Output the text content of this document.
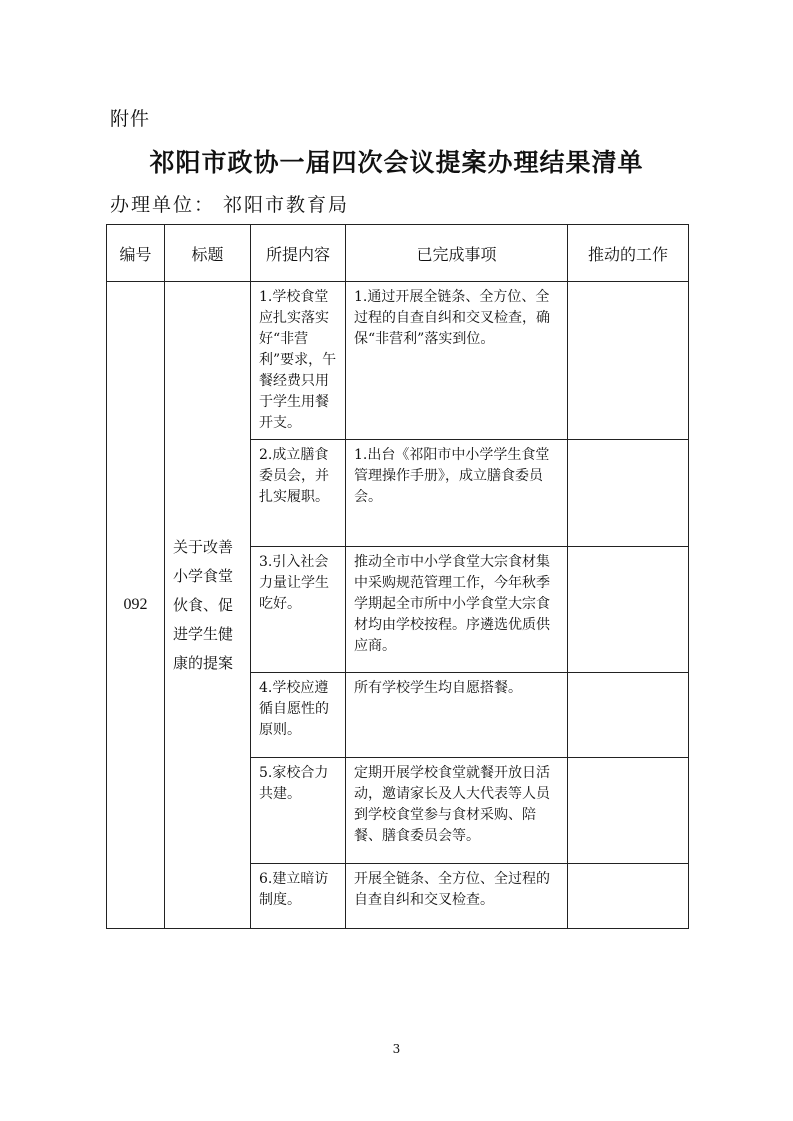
附件
祁阳市政协一届四次会议提案办理结果清单
办理单位： 祁阳市教育局
编号	标题	所提内容	已完成事项	推动的工作
092	关于改善小学食堂伙食、促进学生健康的提案	1.学校食堂应扎实落实好“非营利”要求，午餐经费只用于学生用餐开支。	1.通过开展全链条、全方位、全过程的自查自纠和交叉检查，确保“非营利”落实到位。	
		2.成立膳食委员会，并扎实履职。	1.出台《祁阳市中小学学生食堂管理操作手册》，成立膳食委员会。	
		3.引入社会力量让学生吃好。	推动全市中小学食堂大宗食材集中采购规范管理工作，今年秋季学期起全市所中小学食堂大宗食材均由学校按程。序遴选优质供应商。	
		4.学校应遵循自愿性的原则。	所有学校学生均自愿搭餐。	
		5.家校合力共建。	定期开展学校食堂就餐开放日活动，邀请家长及人大代表等人员到学校食堂参与食材采购、陪餐、膳食委员会等。	
		6.建立暗访制度。	开展全链条、全方位、全过程的自查自纠和交叉检查。	
3
